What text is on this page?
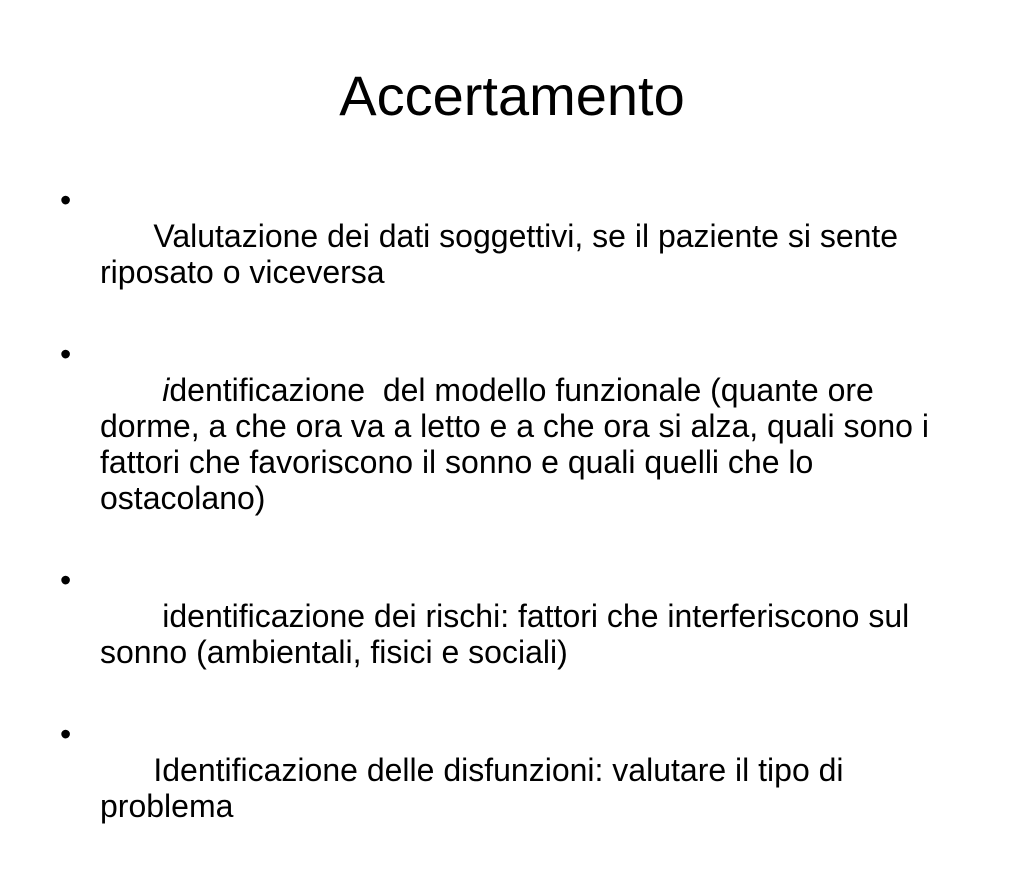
Accertamento

•
Valutazione dei dati soggettivi, se il paziente si sente riposato o viceversa

•
identificazione  del modello funzionale (quante ore dorme, a che ora va a letto e a che ora si alza, quali sono i fattori che favoriscono il sonno e quali quelli che lo ostacolano)

•
identificazione dei rischi: fattori che interferiscono sul sonno (ambientali, fisici e sociali)

•
Identificazione delle disfunzioni: valutare il tipo di problema
